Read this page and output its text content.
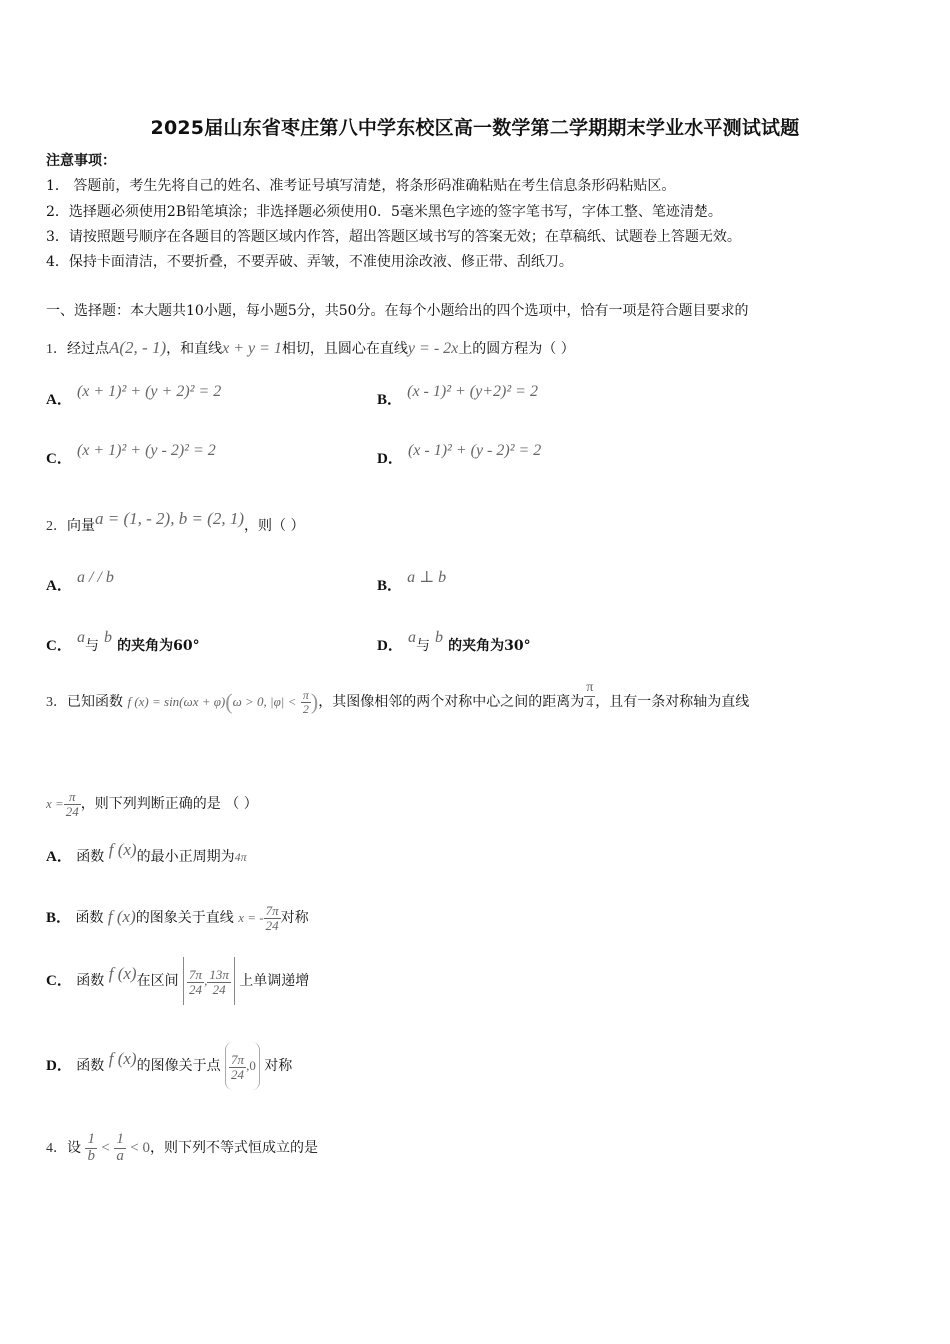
2025届山东省枣庄第八中学东校区高一数学第二学期期末学业水平测试试题
注意事项：
1． 答题前，考生先将自己的姓名、准考证号填写清楚，将条形码准确粘贴在考生信息条形码粘贴区。
2．选择题必须使用2B铅笔填涂；非选择题必须使用0．5毫米黑色字迹的签字笔书写，字体工整、笔迹清楚。
3．请按照题号顺序在各题目的答题区域内作答，超出答题区域书写的答案无效；在草稿纸、试题卷上答题无效。
4．保持卡面清洁，不要折叠，不要弄破、弄皱，不准使用涂改液、修正带、刮纸刀。
一、选择题：本大题共10小题，每小题5分，共50分。在每个小题给出的四个选项中，恰有一项是符合题目要求的
1．经过点A(2, - 1)，和直线x + y = 1相切，且圆心在直线y = - 2x上的圆方程为（ ）
A． (x + 1)² + (y + 2)² = 2	B． (x - 1)² + (y+2)² = 2
C． (x + 1)² + (y - 2)² = 2	D． (x - 1)² + (y - 2)² = 2
2．向量a = (1, - 2), b = (2, 1)，则（ ）
A． a / / b	B． a ⊥ b
C． a与 b 的夹角为60°	D． a与 b 的夹角为30°
3．已知函数 f (x) = sin(ωx + φ)(ω > 0, $|\varphi| < \frac{\pi}{2}$ )，其图像相邻的两个对称中心之间的距离为 $\frac{\pi}{4}$ ，且有一条对称轴为直线
$x = \frac{\pi}{24}$ ，则下列判断正确的是 （ ）
A． 函数 f (x)的最小正周期为4π
B． 函数 f (x)的图象关于直线 x = - $\frac{7\pi}{24}$ 对称
C． 函数 f (x)在区间 $\frac{7\pi}{24}$ , $\frac{13\pi}{24}$ 上单调递增
D． 函数 f (x)的图像关于点 $\frac{7\pi}{24} ,0$ 对称
4．设 $\frac{1}{b} < \frac{1}{a} < 0$，则下列不等式恒成立的是
